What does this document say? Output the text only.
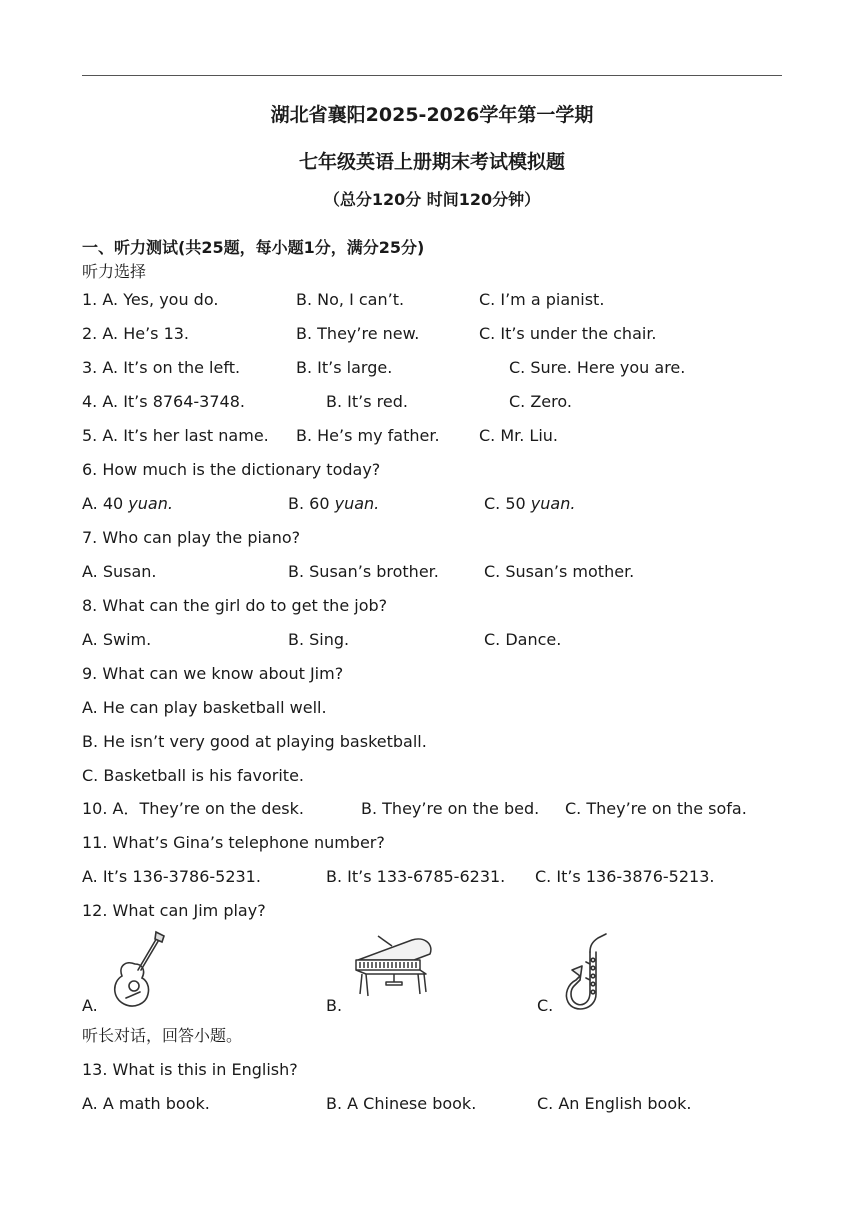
湖北省襄阳2025-2026学年第一学期
七年级英语上册期末考试模拟题
（总分120分 时间120分钟）
一、听力测试(共25题，每小题1分，满分25分)
听力选择
1. A. Yes, you do.	B. No, I can’t.	C. I’m a pianist.
2. A. He’s 13.	B. They’re new.	C. It’s under the chair.
3. A. It’s on the left.	B. It’s large.	C. Sure. Here you are.
4. A. It’s 8764-3748.	B. It’s red.	C. Zero.
5. A. It’s her last name. B. He’s my father. C. Mr. Liu.
6. How much is the dictionary today?
A. 40 yuan.	B. 60 yuan.	C. 50 yuan.
7. Who can play the piano?
A. Susan.	B. Susan’s brother.	C. Susan’s mother.
8. What can the girl do to get the job?
A. Swim.	B. Sing.	C. Dance.
9. What can we know about Jim?
A. He can play basketball well.
B. He isn’t very good at playing basketball.
C. Basketball is his favorite.
10. A．They’re on the desk.	B. They’re on the bed. C. They’re on the sofa.
11. What’s Gina’s telephone number?
A. It’s 136-3786-5231.	B. It’s 133-6785-6231. C. It’s 136-3876-5213.
12. What can Jim play?
A.	B.	C.
听长对话，回答小题。
13. What is this in English?
A. A math book.	B. A Chinese book.	C. An English book.
